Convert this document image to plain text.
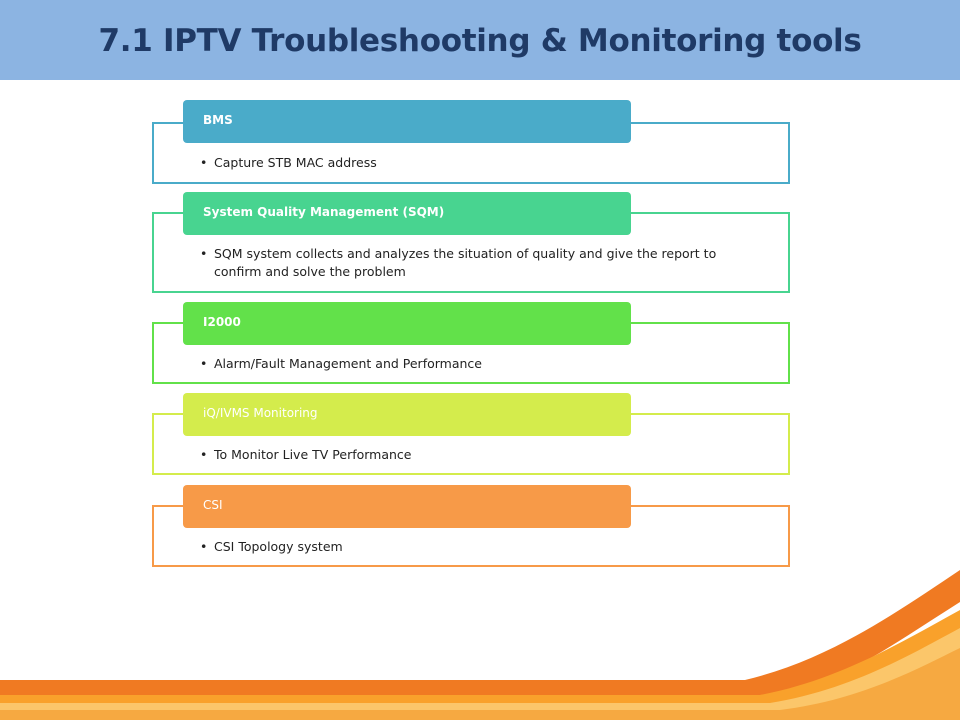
7.1 IPTV Troubleshooting & Monitoring tools
BMS
• Capture STB MAC address
System Quality Management (SQM)
• SQM system collects and analyzes the situation of quality and give the report to confirm and solve the problem
I2000
• Alarm/Fault Management and Performance
iQ/IVMS Monitoring
• To Monitor Live TV Performance
CSI
• CSI Topology system
